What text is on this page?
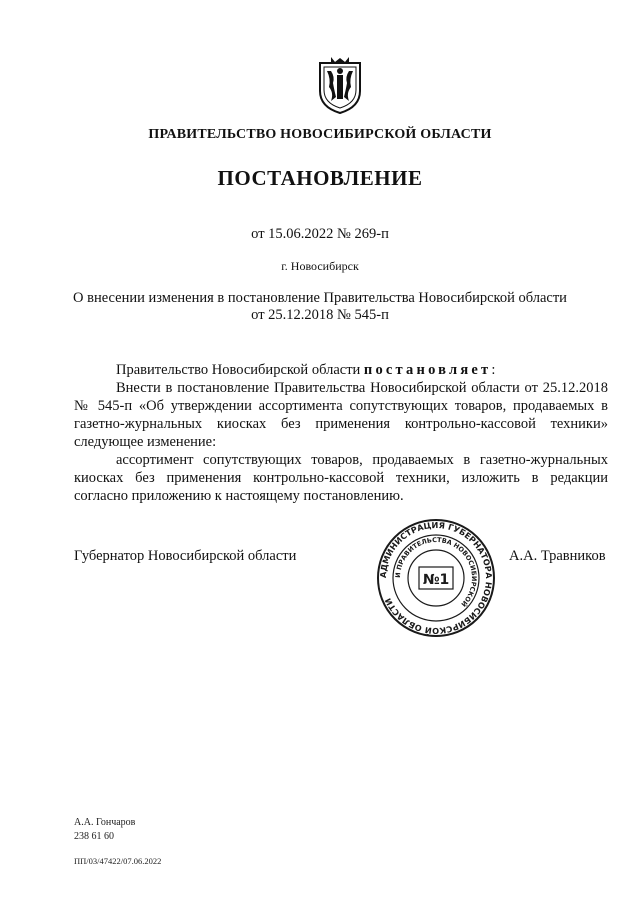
ПРАВИТЕЛЬСТВО НОВОСИБИРСКОЙ ОБЛАСТИ
ПОСТАНОВЛЕНИЕ
от 15.06.2022 № 269-п
г. Новосибирск
О внесении изменения в постановление Правительства Новосибирской области
от 25.12.2018 № 545-п

Правительство Новосибирской области постановляет:

Внести в постановление Правительства Новосибирской области от 25.12.2018 № 545-п «Об утверждении ассортимента сопутствующих товаров, продаваемых в газетно-журнальных киосках без применения контрольно-кассовой техники» следующее изменение:

ассортимент сопутствующих товаров, продаваемых в газетно-журнальных киосках без применения контрольно-кассовой техники, изложить в редакции согласно приложению к настоящему постановлению.

Губернатор Новосибирской области
АДМИНИСТРАЦИЯ ГУБЕРНАТОРА НОВОСИБИРСКОЙ ОБЛАСТИ
И ПРАВИТЕЛЬСТВА НОВОСИБИРСКОЙ
№1
А.А. Травников
А.А. Гончаров
238 61 60
ПП/03/47422/07.06.2022
